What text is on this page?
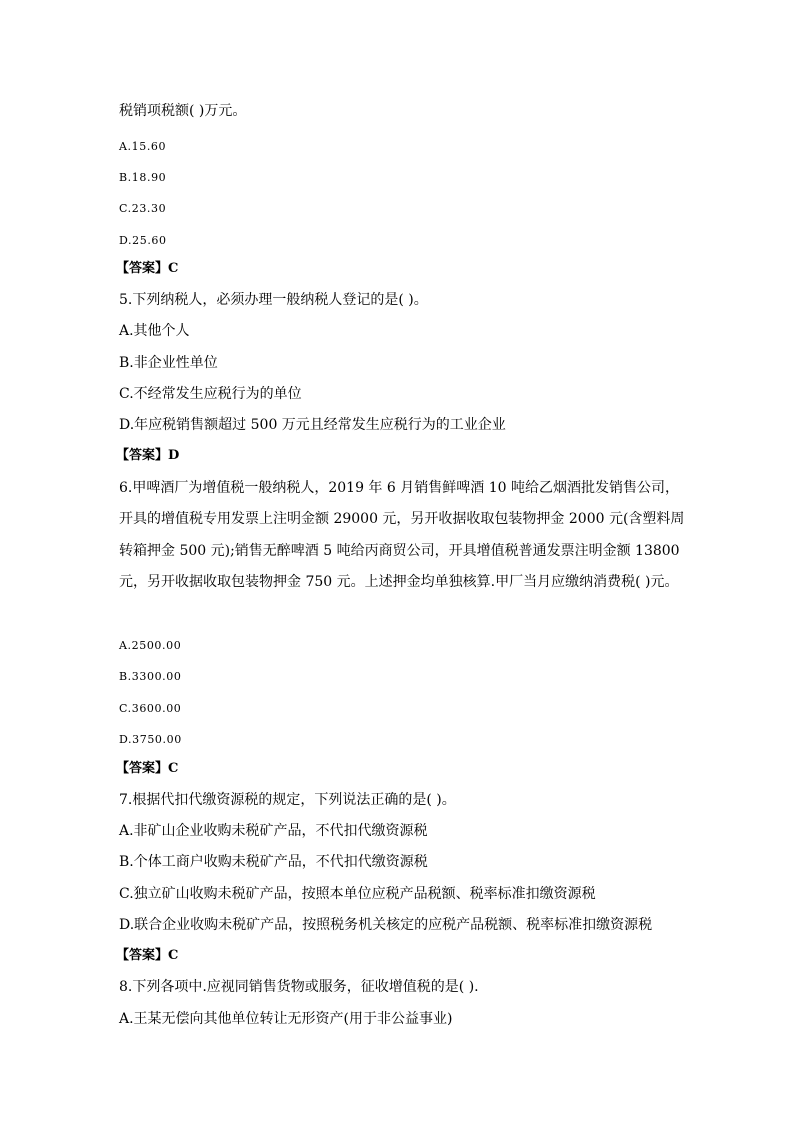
税销项税额( )万元。

A.15.60

B.18.90

C.23.30

D.25.60

【答案】C

5.下列纳税人，必须办理一般纳税人登记的是( )。

A.其他个人

B.非企业性单位

C.不经常发生应税行为的单位

D.年应税销售额超过 500 万元且经常发生应税行为的工业企业

【答案】D

6.甲啤酒厂为增值税一般纳税人，2019 年 6 月销售鲜啤酒 10 吨给乙烟酒批发销售公司，

开具的增值税专用发票上注明金额 29000 元，另开收据收取包装物押金 2000 元(含塑料周

转箱押金 500 元);销售无醉啤酒 5 吨给丙商贸公司，开具增值税普通发票注明金额 13800

元，另开收据收取包装物押金 750 元。上述押金均单独核算.甲厂当月应缴纳消费税( )元。

A.2500.00

B.3300.00

C.3600.00

D.3750.00

【答案】C

7.根据代扣代缴资源税的规定，下列说法正确的是( )。

A.非矿山企业收购未税矿产品，不代扣代缴资源税

B.个体工商户收购未税矿产品，不代扣代缴资源税

C.独立矿山收购未税矿产品，按照本单位应税产品税额、税率标准扣缴资源税

D.联合企业收购未税矿产品，按照税务机关核定的应税产品税额、税率标准扣缴资源税

【答案】C

8.下列各项中.应视同销售货物或服务，征收增值税的是( ).

A.王某无偿向其他单位转让无形资产(用于非公益事业)
